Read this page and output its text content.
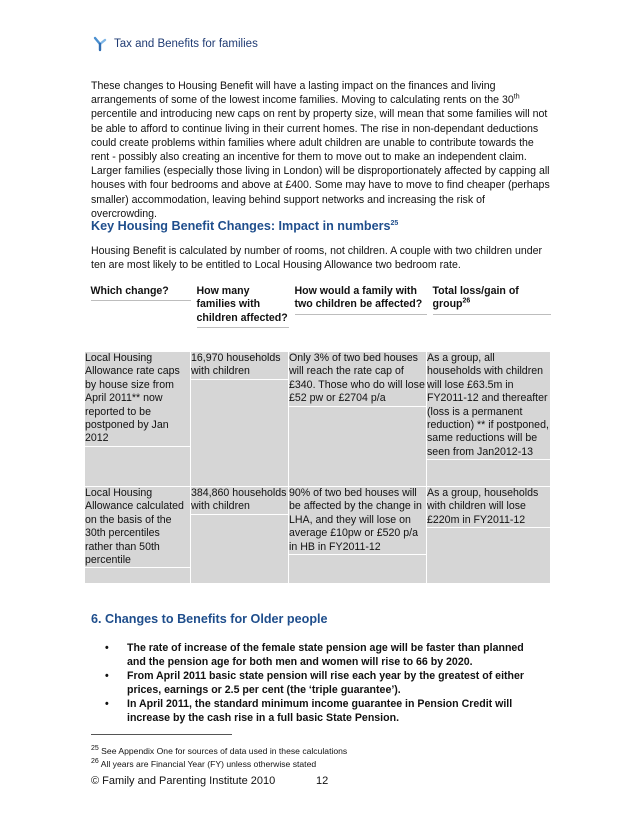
Tax and Benefits for families
These changes to Housing Benefit will have a lasting impact on the finances and living arrangements of some of the lowest income families. Moving to calculating rents on the 30th percentile and introducing new caps on rent by property size, will mean that some families will not be able to afford to continue living in their current homes. The rise in non-dependant deductions could create problems within families where adult children are unable to contribute towards the rent - possibly also creating an incentive for them to move out to make an independent claim. Larger families (especially those living in London) will be disproportionately affected by capping all houses with four bedrooms and above at £400. Some may have to move to find cheaper (perhaps smaller) accommodation, leaving behind support networks and increasing the risk of overcrowding.
Key Housing Benefit Changes: Impact in numbers$^{25}$
Housing Benefit is calculated by number of rooms, not children. A couple with two children under ten are most likely to be entitled to Local Housing Allowance two bedroom rate.
Which change?	How many families with children affected?	How would a family with two children be affected?	Total loss/gain of group$^{26}$

Local Housing Allowance rate caps by house size from April 2011** now reported to be postponed by Jan 2012	16,970 households with children	Only 3% of two bed houses will reach the rate cap of £340. Those who do will lose £52 pw or £2704 p/a	As a group, all households with children will lose £63.5m in FY2011-12 and thereafter (loss is a permanent reduction) ** if postponed, same reductions will be seen from Jan2012-13

Local Housing Allowance calculated on the basis of the 30th percentiles rather than 50th percentile	384,860 households with children	90% of two bed houses will be affected by the change in LHA, and they will lose on average £10pw or £520 p/a in HB in FY2011-12	As a group, households with children will lose £220m in FY2011-12
6. Changes to Benefits for Older people
• The rate of increase of the female state pension age will be faster than planned and the pension age for both men and women will rise to 66 by 2020.
• From April 2011 basic state pension will rise each year by the greatest of either prices, earnings or 2.5 per cent (the ‘triple guarantee’).
• In April 2011, the standard minimum income guarantee in Pension Credit will increase by the cash rise in a full basic State Pension.
$^{25}$ See Appendix One for sources of data used in these calculations
$^{26}$ All years are Financial Year (FY) unless otherwise stated
© Family and Parenting Institute 2010	12
